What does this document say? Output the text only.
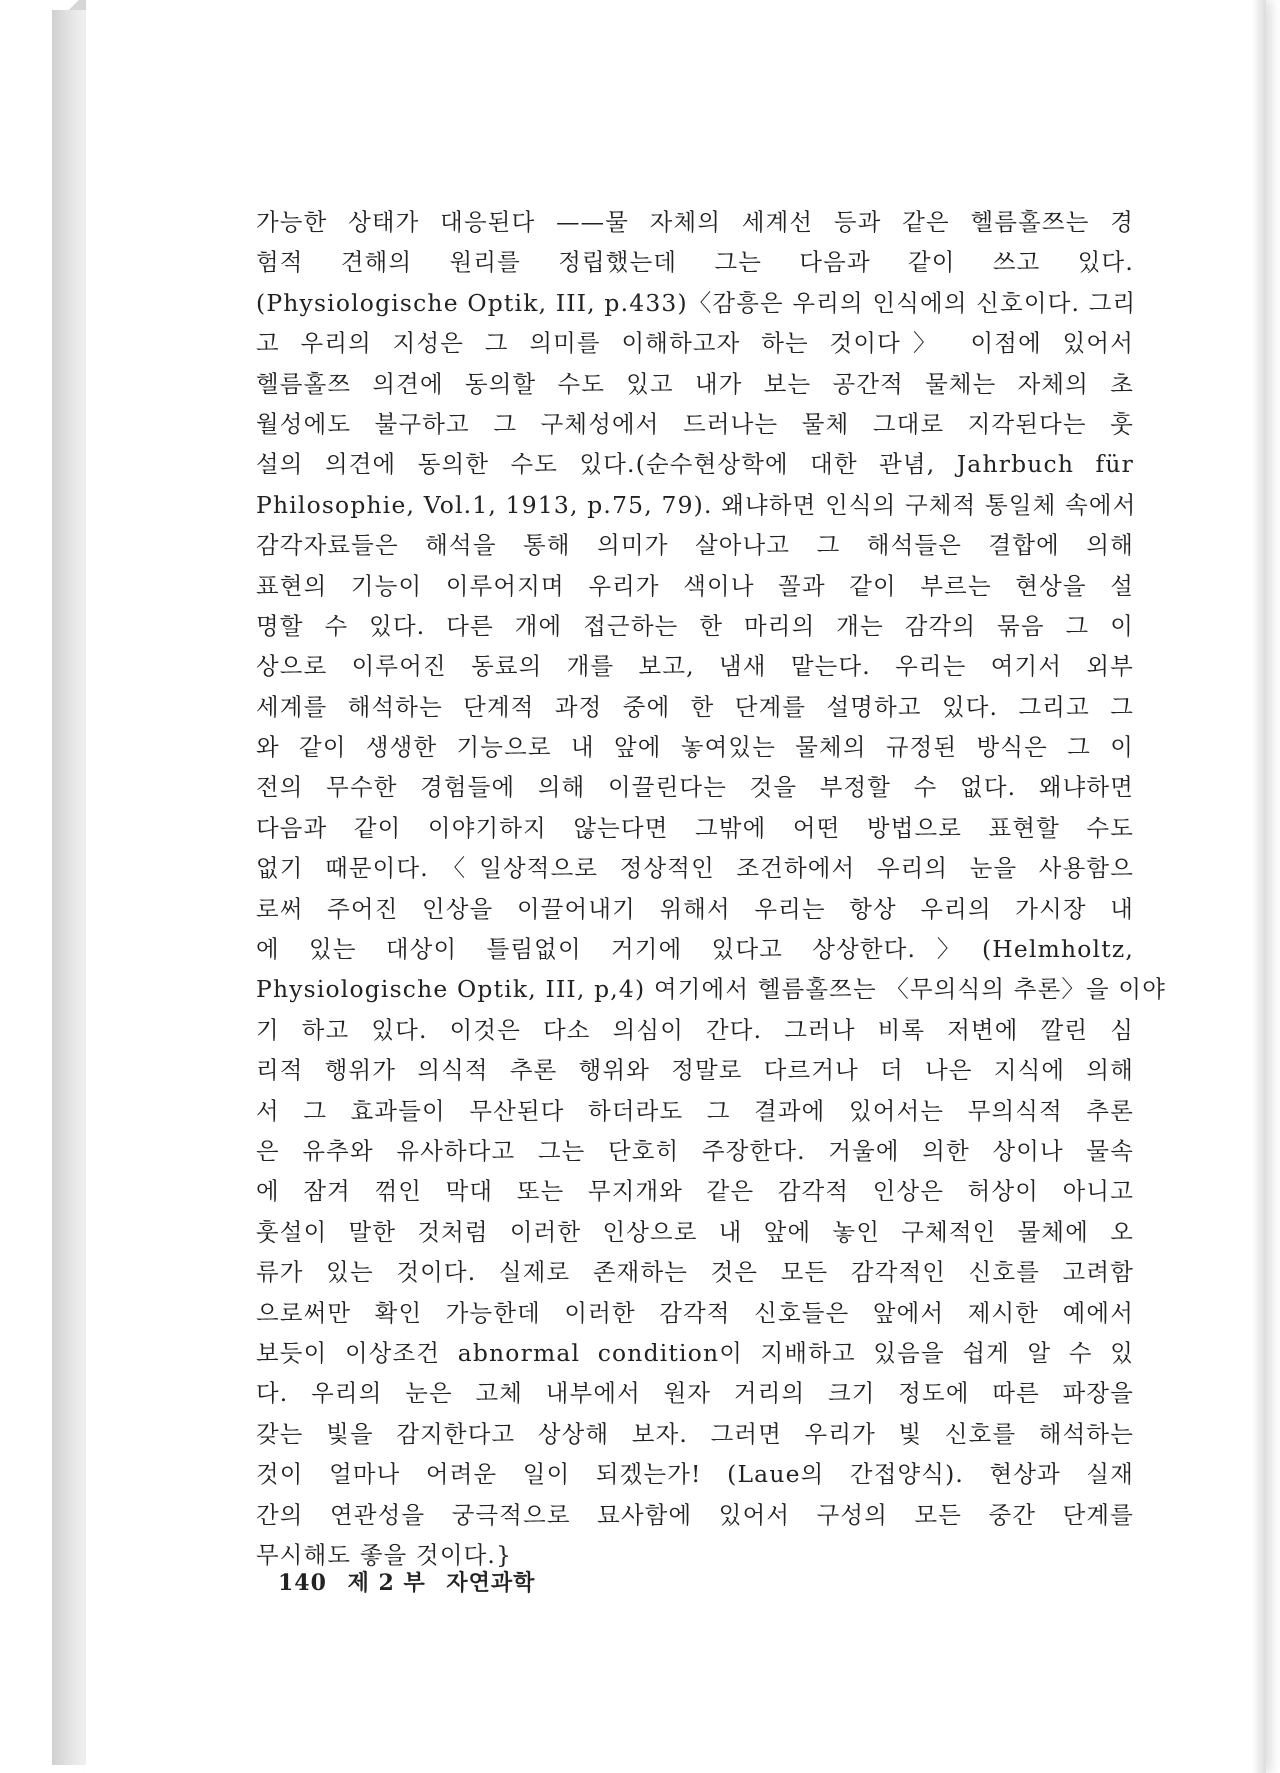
가능한 상태가 대응된다 ——물 자체의 세계선 등과 같은 헬름홀쯔는 경
험적 견해의 원리를 정립했는데 그는 다음과 같이 쓰고 있다.
(Physiologische Optik, III, p.433)〈감흥은 우리의 인식에의 신호이다. 그리
고 우리의 지성은 그 의미를 이해하고자 하는 것이다〉 이점에 있어서
헬름홀쯔 의견에 동의할 수도 있고 내가 보는 공간적 물체는 자체의 초
월성에도 불구하고 그 구체성에서 드러나는 물체 그대로 지각된다는 훗
설의 의견에 동의한 수도 있다.(순수현상학에 대한 관념, Jahrbuch für
Philosophie, Vol.1, 1913, p.75, 79). 왜냐하면 인식의 구체적 통일체 속에서
감각자료들은 해석을 통해 의미가 살아나고 그 해석들은 결합에 의해
표현의 기능이 이루어지며 우리가 색이나 꼴과 같이 부르는 현상을 설
명할 수 있다. 다른 개에 접근하는 한 마리의 개는 감각의 묶음 그 이
상으로 이루어진 동료의 개를 보고, 냄새 맡는다. 우리는 여기서 외부
세계를 해석하는 단계적 과정 중에 한 단계를 설명하고 있다. 그리고 그
와 같이 생생한 기능으로 내 앞에 놓여있는 물체의 규정된 방식은 그 이
전의 무수한 경험들에 의해 이끌린다는 것을 부정할 수 없다. 왜냐하면
다음과 같이 이야기하지 않는다면 그밖에 어떤 방법으로 표현할 수도
없기 때문이다.〈일상적으로 정상적인 조건하에서 우리의 눈을 사용함으
로써 주어진 인상을 이끌어내기 위해서 우리는 항상 우리의 가시장 내
에 있는 대상이 틀림없이 거기에 있다고 상상한다.〉(Helmholtz,
Physiologische Optik, III, p,4) 여기에서 헬름홀쯔는 〈무의식의 추론〉을 이야
기 하고 있다. 이것은 다소 의심이 간다. 그러나 비록 저변에 깔린 심
리적 행위가 의식적 추론 행위와 정말로 다르거나 더 나은 지식에 의해
서 그 효과들이 무산된다 하더라도 그 결과에 있어서는 무의식적 추론
은 유추와 유사하다고 그는 단호히 주장한다. 거울에 의한 상이나 물속
에 잠겨 꺾인 막대 또는 무지개와 같은 감각적 인상은 허상이 아니고
훗설이 말한 것처럼 이러한 인상으로 내 앞에 놓인 구체적인 물체에 오
류가 있는 것이다. 실제로 존재하는 것은 모든 감각적인 신호를 고려함
으로써만 확인 가능한데 이러한 감각적 신호들은 앞에서 제시한 예에서
보듯이 이상조건 abnormal condition이 지배하고 있음을 쉽게 알 수 있
다. 우리의 눈은 고체 내부에서 원자 거리의 크기 정도에 따른 파장을
갖는 빛을 감지한다고 상상해 보자. 그러면 우리가 빛 신호를 해석하는
것이 얼마나 어려운 일이 되겠는가! (Laue의 간접양식). 현상과 실재
간의 연관성을 궁극적으로 묘사함에 있어서 구성의 모든 중간 단계를
무시해도 좋을 것이다.}
140 제 2 부 자연과학
